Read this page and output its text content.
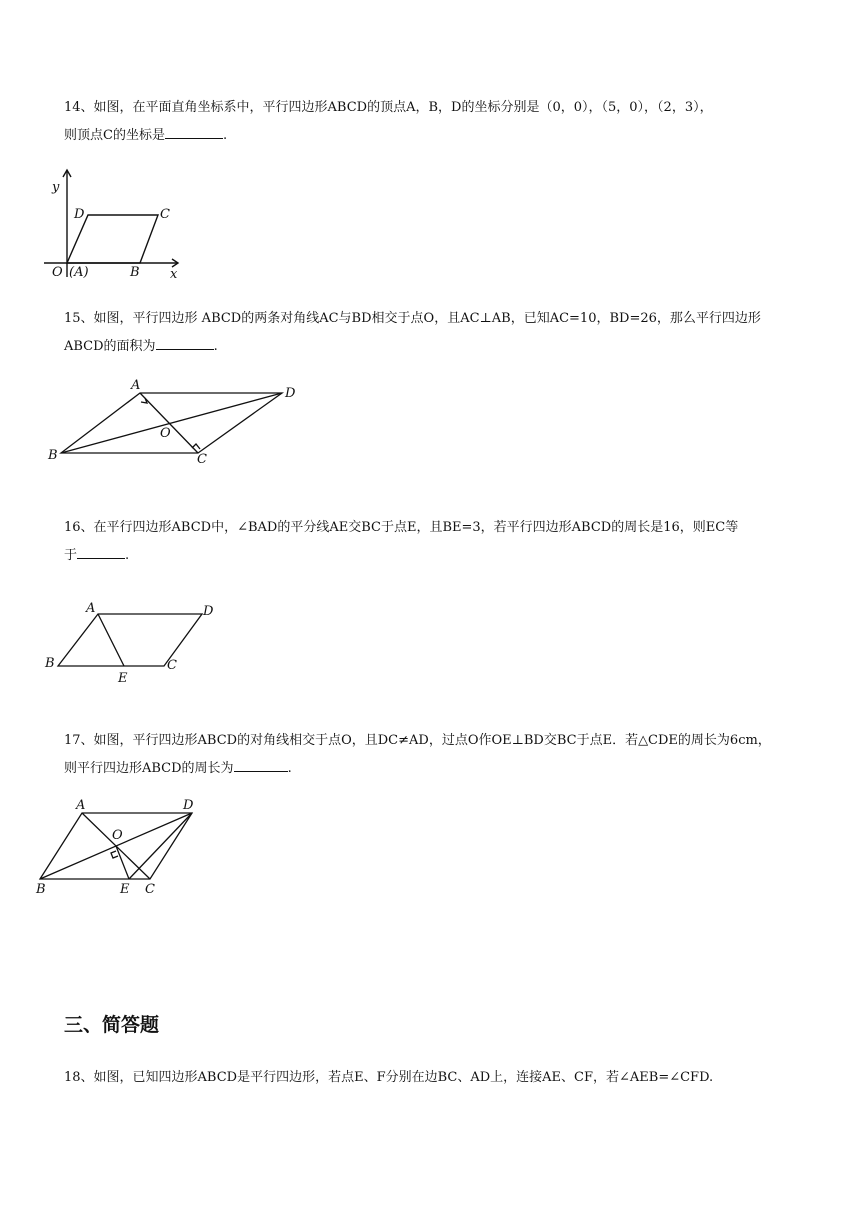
14、如图，在平面直角坐标系中，平行四边形ABCD的顶点A，B，D的坐标分别是（0，0），（5，0），（2，3），
则顶点C的坐标是	.
y
x
D	C
O (A)	B
15、如图，平行四边形 ABCD的两条对角线AC与BD相交于点O，且AC⊥AB，已知AC=10，BD=26，那么平行四边形
ABCD的面积为	.
A
D
B	C
O
16、在平行四边形ABCD中，∠BAD的平分线AE交BC于点E，且BE=3，若平行四边形ABCD的周长是16，则EC等
于	.
A	D
B	C
E
17、如图，平行四边形ABCD的对角线相交于点O，且DC≠AD，过点O作OE⊥BD交BC于点E．若△CDE的周长为6cm，
则平行四边形ABCD的周长为	.
A	D
B	E C
O
三、简答题
18、如图，已知四边形ABCD是平行四边形，若点E、F分别在边BC、AD上，连接AE、CF，若∠AEB=∠CFD.
